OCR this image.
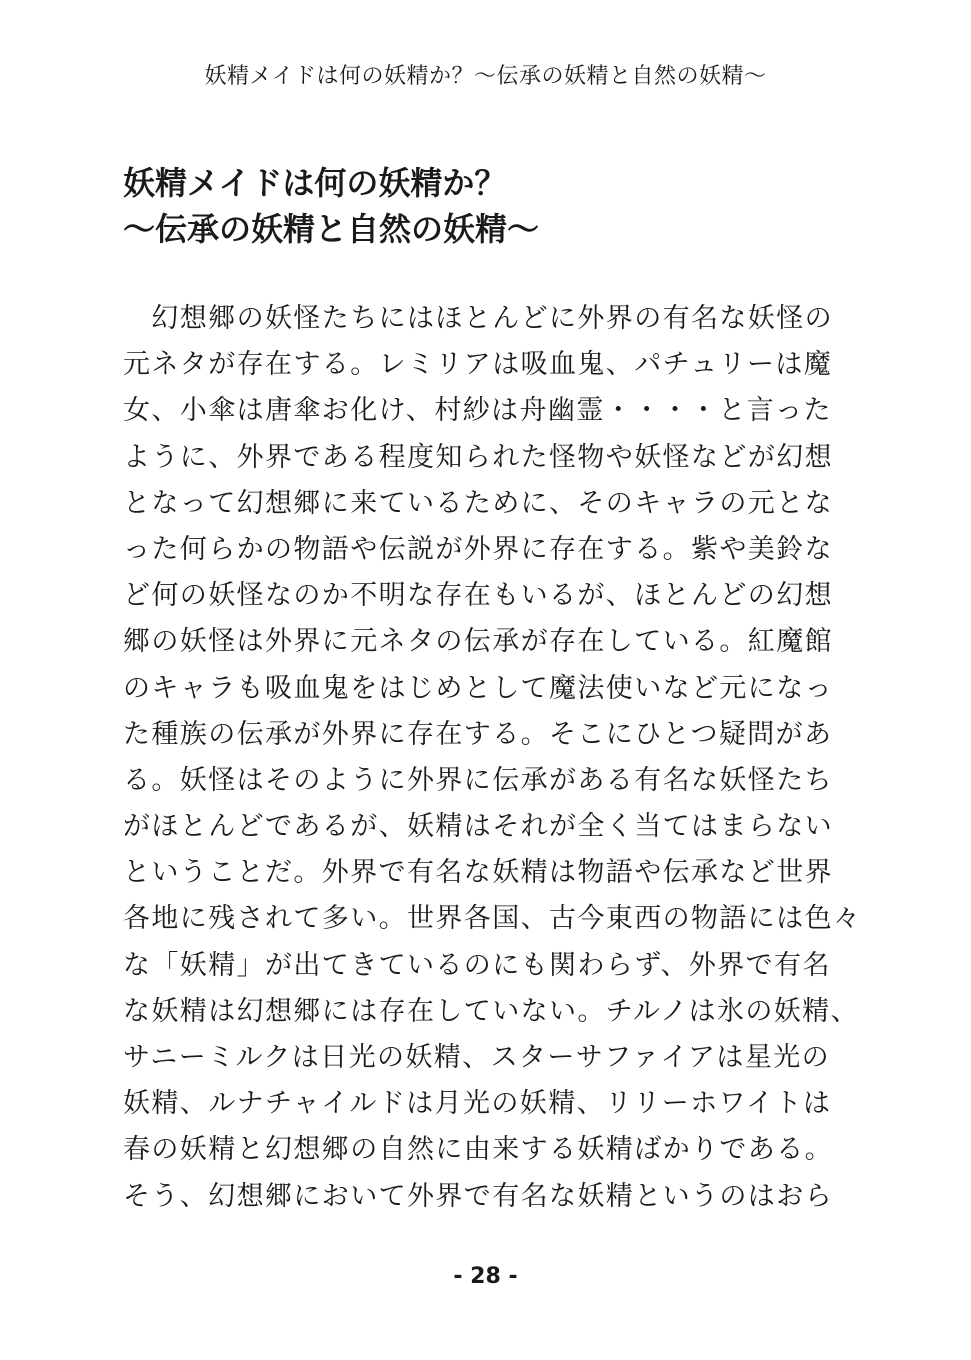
妖精メイドは何の妖精か？～伝承の妖精と自然の妖精～
妖精メイドは何の妖精か？
～伝承の妖精と自然の妖精～
　幻想郷の妖怪たちにはほとんどに外界の有名な妖怪の
元ネタが存在する。レミリアは吸血鬼、パチュリーは魔
女、小傘は唐傘お化け、村紗は舟幽霊・・・・と言った
ように、外界である程度知られた怪物や妖怪などが幻想
となって幻想郷に来ているために、そのキャラの元とな
った何らかの物語や伝説が外界に存在する。紫や美鈴な
ど何の妖怪なのか不明な存在もいるが、ほとんどの幻想
郷の妖怪は外界に元ネタの伝承が存在している。紅魔館
のキャラも吸血鬼をはじめとして魔法使いなど元になっ
た種族の伝承が外界に存在する。そこにひとつ疑問があ
る。妖怪はそのように外界に伝承がある有名な妖怪たち
がほとんどであるが、妖精はそれが全く当てはまらない
ということだ。外界で有名な妖精は物語や伝承など世界
各地に残されて多い。世界各国、古今東西の物語には色々
な「妖精」が出てきているのにも関わらず、外界で有名
な妖精は幻想郷には存在していない。チルノは氷の妖精、
サニーミルクは日光の妖精、スターサファイアは星光の
妖精、ルナチャイルドは月光の妖精、リリーホワイトは
春の妖精と幻想郷の自然に由来する妖精ばかりである。
そう、幻想郷において外界で有名な妖精というのはおら
- 28 -
